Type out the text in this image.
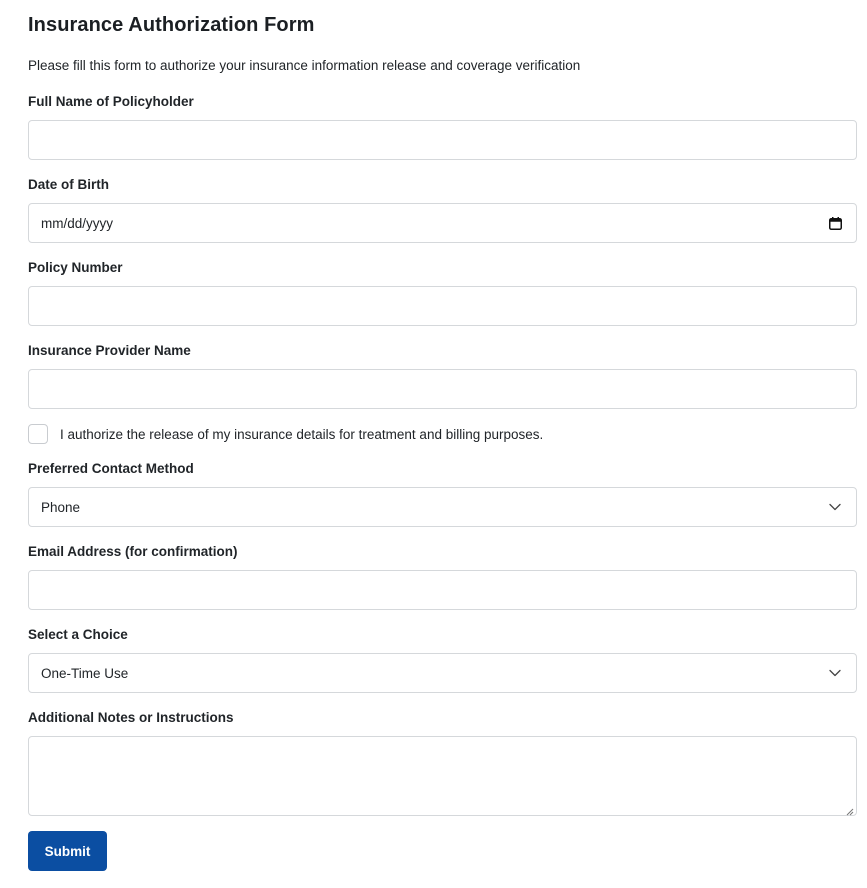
Insurance Authorization Form

Please fill this form to authorize your insurance information release and coverage verification

Full Name of Policyholder
Date of Birth
mm/dd/yyyy
Policy Number
Insurance Provider Name
I authorize the release of my insurance details for treatment and billing purposes.
Preferred Contact Method
Phone
Email Address (for confirmation)
Select a Choice
One-Time Use
Additional Notes or Instructions
Submit
